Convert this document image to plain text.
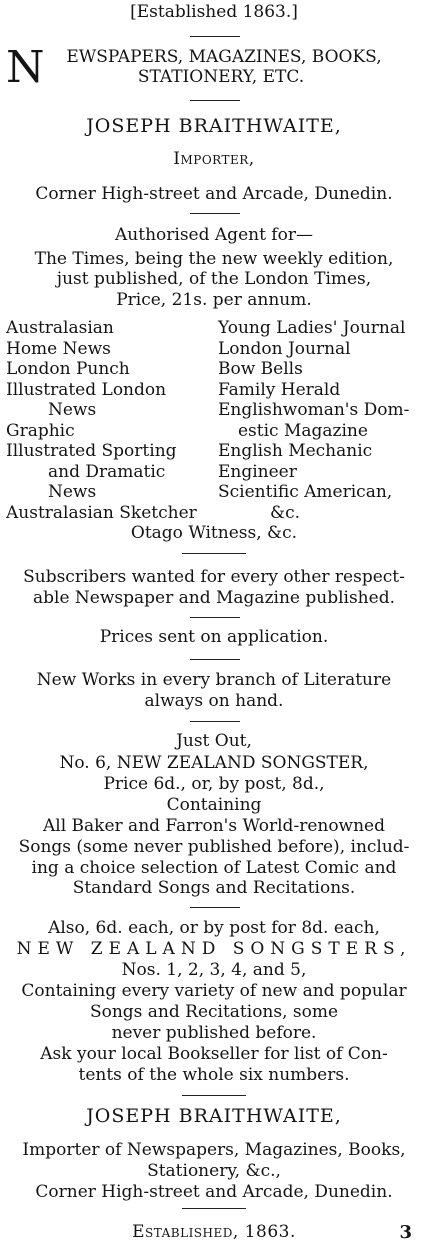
[Established 1863.]
N	EWSPAPERS, MAGAZINES, BOOKS,
STATIONERY, ETC.
JOSEPH BRAITHWAITE,
Importer,
Corner High-street and Arcade, Dunedin.
Authorised Agent for—
The Times, being the new weekly edition,
just published, of the London Times,
Price, 21s. per annum.
Australasian
Home News
London Punch
Illustrated London
News
Graphic
Illustrated Sporting
and Dramatic
News
Australasian Sketcher
Young Ladies' Journal
London Journal
Bow Bells
Family Herald
Englishwoman's Dom-
estic Magazine
English Mechanic
Engineer
Scientific American,
&c.
Otago Witness, &c.
Subscribers wanted for every other respect-
able Newspaper and Magazine published.
Prices sent on application.
New Works in every branch of Literature
always on hand.
Just Out,
No. 6, NEW ZEALAND SONGSTER,
Price 6d., or, by post, 8d.,
Containing
All Baker and Farron's World-renowned
Songs (some never published before), includ-
ing a choice selection of Latest Comic and
Standard Songs and Recitations.
Also, 6d. each, or by post for 8d. each,
NEW ZEALAND SONGSTERS,
Nos. 1, 2, 3, 4, and 5,
Containing every variety of new and popular
Songs and Recitations, some
never published before.
Ask your local Bookseller for list of Con-
tents of the whole six numbers.
JOSEPH BRAITHWAITE,
Importer of Newspapers, Magazines, Books,
Stationery, &c.,
Corner High-street and Arcade, Dunedin.
Established, 1863.	3
